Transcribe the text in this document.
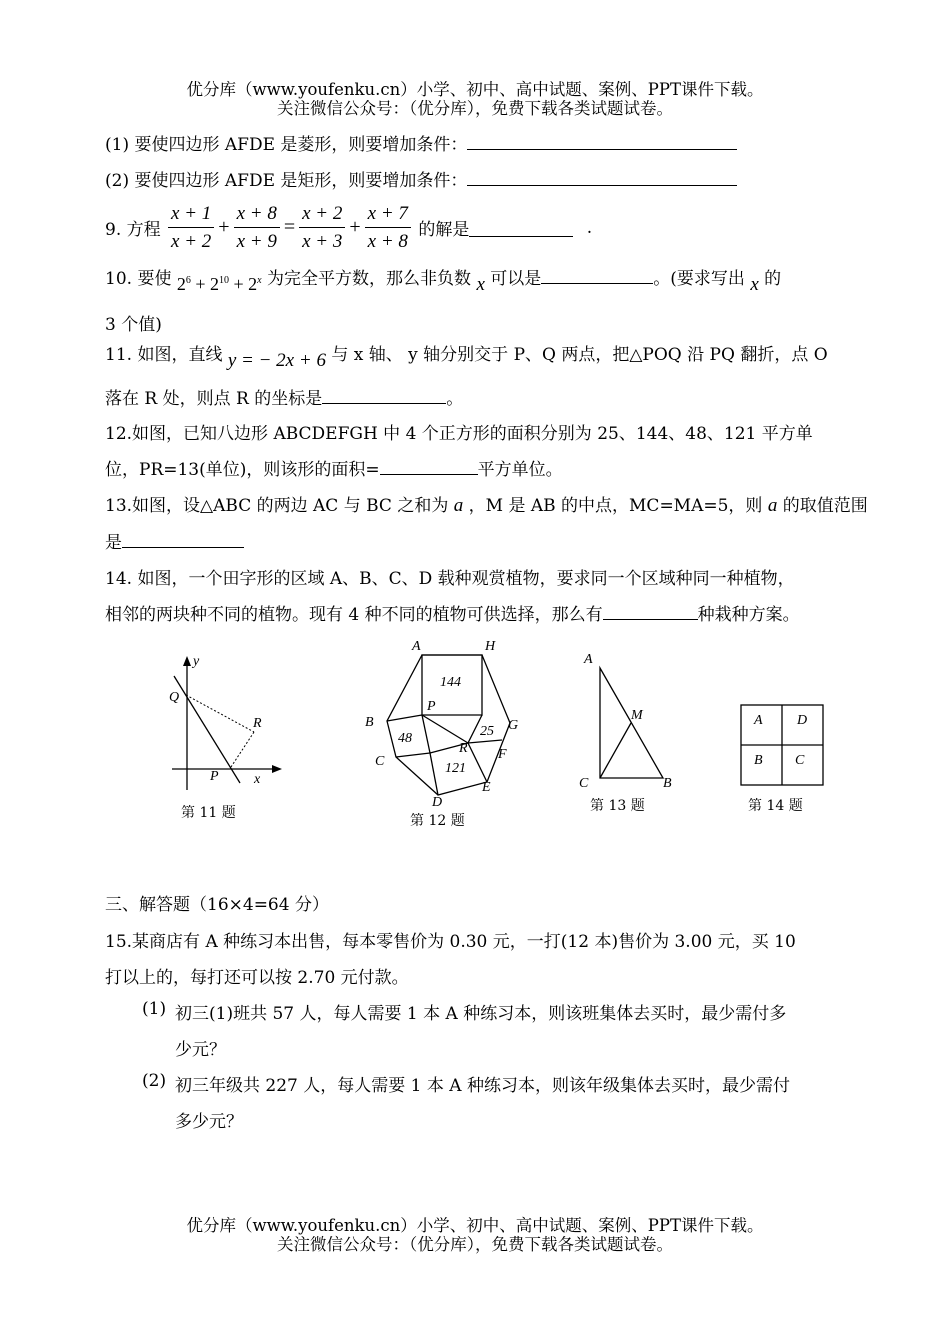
优分库（www.youfenku.cn）小学、初中、高中试题、案例、PPT课件下载。
关注微信公众号：（优分库），免费下载各类试题试卷。
(1) 要使四边形 AFDE 是菱形，则要增加条件：
(2) 要使四边形 AFDE 是矩形，则要增加条件：
9. 方程 $\frac{x + 1}{x + 2} + \frac{x + 8}{x + 9} = \frac{x + 2}{x + 3} + \frac{x + 7}{x + 8}$ 的解是	.
10. 要使 $2^6 + 2^{10} + 2^x$ 为完全平方数，那么非负数 x 可以是	。(要求写出 x 的
3 个值)
11. 如图，直线 y = − 2x + 6 与 x 轴、 y 轴分别交于 P、Q 两点，把△POQ 沿 PQ 翻折，点 O
落在 R 处，则点 R 的坐标是	。
12.如图，已知八边形 ABCDEFGH 中 4 个正方形的面积分别为 25、144、48、121 平方单
位，PR=13(单位)，则该形的面积=	平方单位。
13.如图，设△ABC 的两边 AC 与 BC 之和为 a ，M 是 AB 的中点，MC=MA=5，则 a 的取值范围
是
14. 如图，一个田字形的区域 A、B、C、D 载种观赏植物，要求同一个区域种同一种植物，
相邻的两块种不同的植物。现有 4 种不同的植物可供选择，那么有	种栽种方案。
y
x
Q
R
P
第 11 题
A	H
B
P
G
C
R F
D
E
144
48	25
121
第 12 题
A
M
C	B
第 13 题
A D
B C
第 14 题
三、解答题（16×4=64 分）
15.某商店有 A 种练习本出售，每本零售价为 0.30 元，一打(12 本)售价为 3.00 元，买 10
打以上的，每打还可以按 2.70 元付款。
(1) 初三(1)班共 57 人，每人需要 1 本 A 种练习本，则该班集体去买时，最少需付多
少元？
(2) 初三年级共 227 人，每人需要 1 本 A 种练习本，则该年级集体去买时，最少需付
多少元？
优分库（www.youfenku.cn）小学、初中、高中试题、案例、PPT课件下载。
关注微信公众号：（优分库），免费下载各类试题试卷。
